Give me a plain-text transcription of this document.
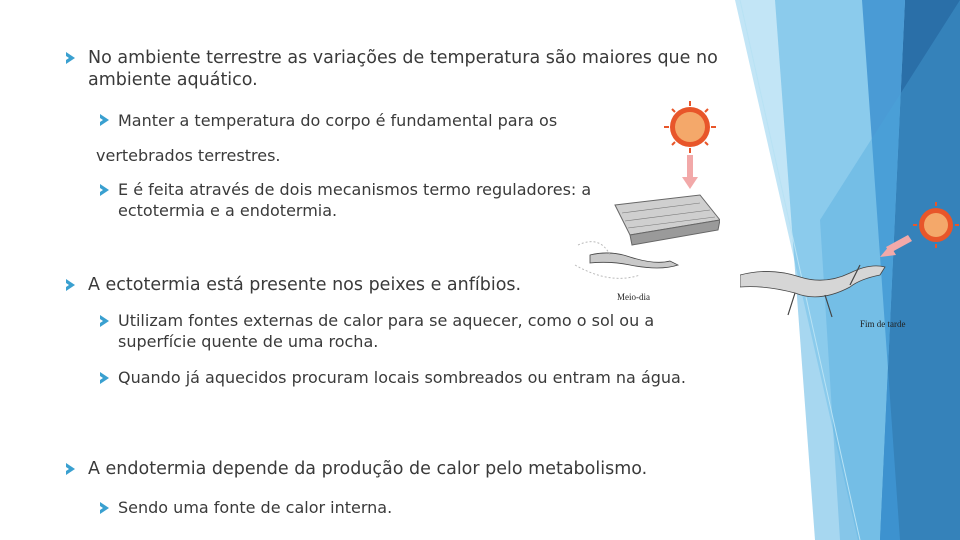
No ambiente terrestre as variações de temperatura são maiores que no ambiente aquático.
Manter a temperatura do corpo é fundamental para os
vertebrados terrestres.
E é feita através de dois mecanismos termo reguladores: a ectotermia e a endotermia.
A ectotermia está presente nos peixes e anfíbios.
Utilizam fontes externas de calor para se aquecer, como o sol ou a superfície quente de uma rocha.
Quando já aquecidos procuram locais sombreados ou entram na água.
A endotermia depende da produção de calor pelo metabolismo.
Sendo uma fonte de calor interna.
Meio-dia
Fim de tarde
